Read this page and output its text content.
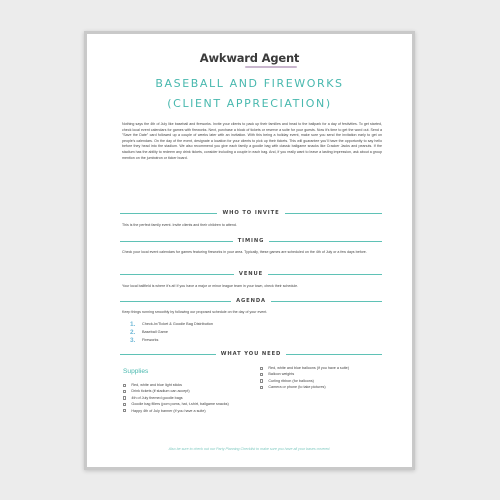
Awkward Agent
BASEBALL AND FIREWORKS
(CLIENT APPRECIATION)
Nothing says the 4th of July like baseball and fireworks. Invite your clients to pack up their families and head to the ballpark for a day of festivities. To get started, check local event calendars for games with fireworks. Next, purchase a block of tickets or reserve a suite for your guests. Now it's time to get the word out. Send a "Save the Date" card followed up a couple of weeks later with an invitation. With this being a holiday event, make sure you send the invitation early to get on people's calendars. On the day of the event, designate a location for your clients to pick up their tickets. This will guarantee you'll have the opportunity to say hello before they head into the stadium. We also recommend you give each family a goodie bag with classic ballgame snacks like Cracker Jacks and peanuts. If the stadium has the ability to redeem any drink tickets, consider including a couple in each bag. And, if you really want to leave a lasting impression, ask about a group mention on the jumbotron or ticker board.
WHO TO INVITE
This is the perfect family event. Invite clients and their children to attend.
TIMING
Check your local event calendars for games featuring fireworks in your area. Typically, these games are scheduled on the 4th of July or a few days before.
VENUE
Your local ballfield is where it's at! If you have a major or minor league team in your town, check their schedule.
AGENDA
Keep things running smoothly by following our proposed schedule on the day of your event.
1.	Check-In/Ticket & Goodie Bag Distribution
2.	Baseball Game
3.	Fireworks
WHAT YOU NEED
Supplies
Red, white and blue light sticks
Drink tickets (if stadium can accept)
4th of July themed goodie bags
Goodie bag fillers (pom poms, hat, t-shirt, ballgame snacks)
Happy 4th of July banner (if you have a suite)
Red, white and blue balloons (if you have a suite)
Balloon weights
Curling ribbon (for balloons)
Camera or phone (to take pictures)
Also be sure to check out our Party Planning Checklist to make sure you have all your bases covered.
